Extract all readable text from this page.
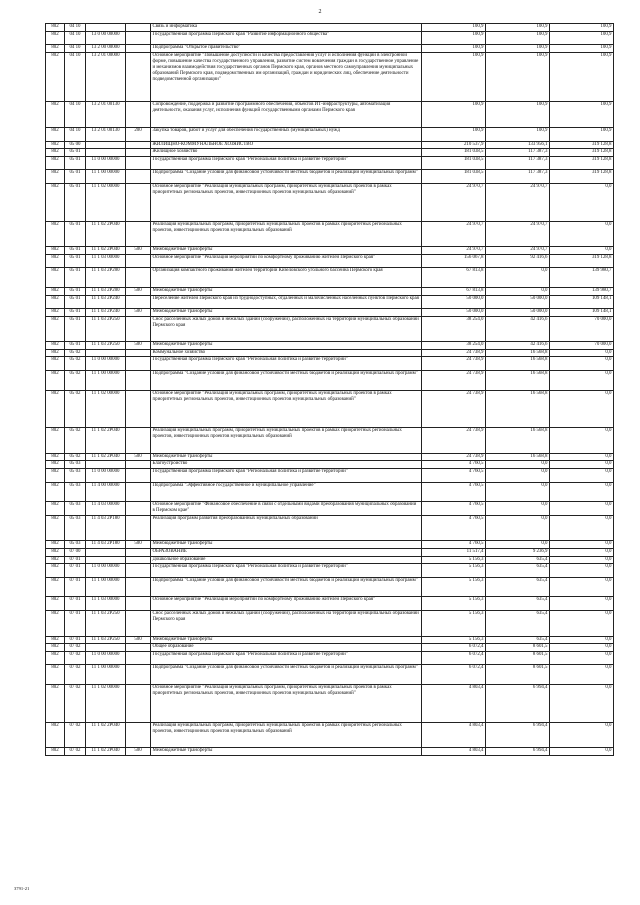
2
802	04 10			Связь и информатика	100,9	100,9	100,9
802	04 10	13 0 00 00000		Государственная программа Пермского края "Развитие информационного общества"	100,9	100,9	100,9
802	04 10	13 2 00 00000		Подпрограмма "Открытое правительство"	100,9	100,9	100,9
802	04 10	13 2 01 00000		Основное мероприятие "Повышение доступности и качества предоставления услуг и исполнения функций в электронной форме, повышение качества государственного управления, развитие систем вовлечения граждан в государственное управление и механизмов взаимодействия государственных органов Пермского края, органов местного самоуправления муниципальных образований Пермского края, подведомственных им организаций, граждан и юридических лиц, обеспечение деятельности подведомственной организации"	100,9	100,9	100,9
802	04 10	13 2 01 00130		Сопровождение, поддержка и развитие программного обеспечения, объектов ИТ-инфраструктуры, автоматизация деятельности, оказания услуг, исполнения функций государственными органами Пермского края	100,9	100,9	100,9
802	04 10	13 2 01 00130	200	Закупка товаров, работ и услуг для обеспечения государственных (муниципальных) нужд	100,9	100,9	100,9
802	05 00			ЖИЛИЩНО-КОММУНАЛЬНОЕ ХОЗЯЙСТВО	210 537,9	133 956,1	319 128,8
802	05 01			Жилищное хозяйство	181 038,5	117 387,3	319 128,8
802	05 01	11 0 00 00000		Государственная программа Пермского края "Региональная политика и развитие территорий"	181 038,5	117 387,3	319 128,8
802	05 01	11 1 00 00000		Подпрограмма "Создание условий для финансовой устойчивости местных бюджетов и реализации муниципальных программ"	181 038,5	117 387,3	319 128,8
802	05 01	11 1 02 00000		Основное мероприятие "Реализация муниципальных программ, приоритетных муниципальных проектов в рамках приоритетных региональных проектов, инвестиционных проектов муниципальных образований"	24 970,7	24 970,7	0,0
802	05 01	11 1 02 2Р040		Реализация муниципальных программ, приоритетных муниципальных проектов в рамках приоритетных региональных проектов, инвестиционных проектов муниципальных образований	24 970,7	24 970,7	0,0
802	05 01	11 1 02 2Р040	500	Межбюджетные трансферты	24 970,7	24 970,7	0,0
802	05 01	11 1 03 00000		Основное мероприятие "Реализация мероприятий по комфортному проживанию жителей Пермского края"	156 067,8	92 416,6	319 128,8
802	05 01	11 1 03 2Р200		Организация компактного проживания жителей территорий Кизеловского угольного бассейна Пермского края	67 813,8	0,0	139 980,7
802	05 01	11 1 03 2Р200	500	Межбюджетные трансферты	67 813,8	0,0	139 980,7
802	05 01	11 1 03 2Р240		Переселение жителей Пермского края из труднодоступных, отдаленных и малочисленных населенных пунктов Пермского края	50 000,0	50 000,0	109 148,1
802	05 01	11 1 03 2Р240	500	Межбюджетные трансферты	50 000,0	50 000,0	109 148,1
802	05 01	11 1 03 2Р250		Снос расселенных жилых домов и нежилых зданий (сооружений), расположенных на территории муниципальных образований Пермского края	38 254,0	42 416,6	70 000,0
802	05 01	11 1 03 2Р250	500	Межбюджетные трансферты	38 254,0	42 416,6	70 000,0
802	05 02			Коммунальное хозяйство	24 738,9	16 568,8	0,0
802	05 02	11 0 00 00000		Государственная программа Пермского края "Региональная политика и развитие территорий"	24 738,9	16 568,8	0,0
802	05 02	11 1 00 00000		Подпрограмма "Создание условий для финансовой устойчивости местных бюджетов и реализации муниципальных программ"	24 738,9	16 568,8	0,0
802	05 02	11 1 02 00000		Основное мероприятие "Реализация муниципальных программ, приоритетных муниципальных проектов в рамках приоритетных региональных проектов, инвестиционных проектов муниципальных образований"	24 738,9	16 568,8	0,0
802	05 02	11 1 02 2Р040		Реализация муниципальных программ, приоритетных муниципальных проектов в рамках приоритетных региональных проектов, инвестиционных проектов муниципальных образований	24 738,9	16 568,8	0,0
802	05 02	11 1 02 2Р040	500	Межбюджетные трансферты	24 738,9	16 568,8	0,0
802	05 03			Благоустройство	4 760,5	0,0	0,0
802	05 03	11 0 00 00000		Государственная программа Пермского края "Региональная политика и развитие территорий"	4 760,5	0,0	0,0
802	05 03	11 4 00 00000		Подпрограмма "Эффективное государственное и муниципальное управление"	4 760,5	0,0	0,0
802	05 03	11 4 03 00000		Основное мероприятие "Финансовое обеспечение в связи с отдельными видами преобразования муниципальных образований в Пермском крае"	4 760,5	0,0	0,0
802	05 03	11 4 03 2Р180		Реализация программ развития преобразованных муниципальных образований	4 760,5	0,0	0,0
802	05 03	11 4 03 2Р180	500	Межбюджетные трансферты	4 760,5	0,0	0,0
802	07 00			ОБРАЗОВАНИЕ	11 517,4	9 236,9	0,0
802	07 01			Дошкольное образование	5 156,3	635,4	0,0
802	07 01	11 0 00 00000		Государственная программа Пермского края "Региональная политика и развитие территорий"	5 156,3	635,4	0,0
802	07 01	11 1 00 00000		Подпрограмма "Создание условий для финансовой устойчивости местных бюджетов и реализации муниципальных программ"	5 156,3	635,4	0,0
802	07 01	11 1 03 00000		Основное мероприятие "Реализация мероприятий по комфортному проживанию жителей Пермского края"	5 156,3	635,4	0,0
802	07 01	11 1 03 2Р250		Снос расселенных жилых домов и нежилых зданий (сооружений), расположенных на территории муниципальных образований Пермского края	5 156,3	635,4	0,0
802	07 01	11 1 03 2Р250	500	Межбюджетные трансферты	5 156,3	635,4	0,0
802	07 02			Общее образование	6 072,4	8 601,5	0,0
802	07 02	11 0 00 00000		Государственная программа Пермского края "Региональная политика и развитие территорий"	6 072,4	8 601,5	0,0
802	07 02	11 1 00 00000		Подпрограмма "Создание условий для финансовой устойчивости местных бюджетов и реализации муниципальных программ"	6 072,4	8 601,5	0,0
802	07 02	11 1 02 00000		Основное мероприятие "Реализация муниципальных программ, приоритетных муниципальных проектов в рамках приоритетных региональных проектов, инвестиционных проектов муниципальных образований"	4 803,4	6 994,4	0,0
802	07 02	11 1 02 2Р040		Реализация муниципальных программ, приоритетных муниципальных проектов в рамках приоритетных региональных проектов, инвестиционных проектов муниципальных образований	4 803,4	6 994,4	0,0
802	07 02	11 1 02 2Р040	500	Межбюджетные трансферты	4 803,4	6 994,4	0,0
3791-21
